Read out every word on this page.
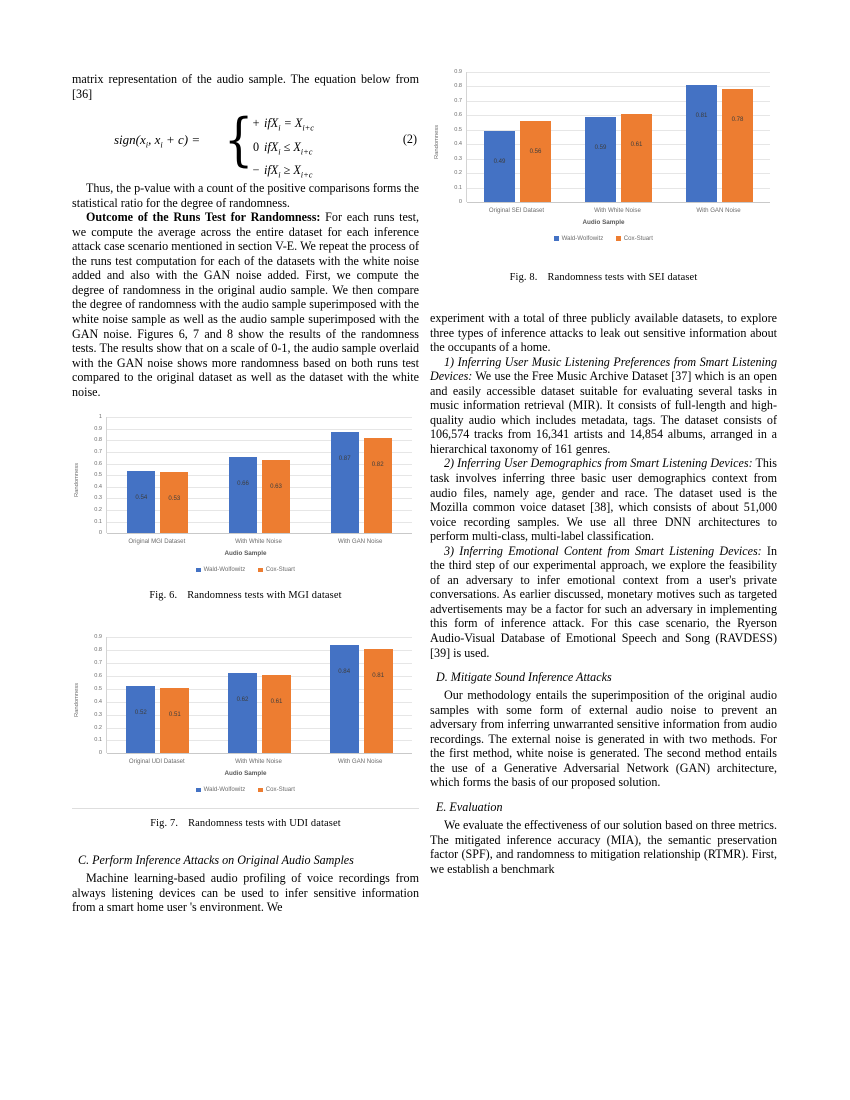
matrix representation of the audio sample. The equation below from [36]

$sign(x_i$, $x_i + c$) = { + $ifX_i = X_{i+c}$
0 $ifX_i \le X_{i+c}$
− $ifX_i \ge X_{i+c}$
(2)

Thus, the p-value with a count of the positive comparisons forms the statistical ratio for the degree of randomness.

Outcome of the Runs Test for Randomness: For each runs test, we compute the average across the entire dataset for each inference attack case scenario mentioned in section V-E. We repeat the process of the runs test computation for each of the datasets with the white noise added and also with the GAN noise added. First, we compute the degree of randomness in the original audio sample. We then compare the degree of randomness with the audio sample superimposed with the white noise sample as well as the audio sample superimposed with the GAN noise. Figures 6, 7 and 8 show the results of the randomness tests. The results show that on a scale of 0-1, the audio sample overlaid with the GAN noise shows more randomness based on both runs test compared to the original dataset as well as the dataset with the white noise.

0.54	0.53
0.66	0.63
0.87
0.82
0
0.1
0.2
0.3
0.4
0.5
0.6
0.7
0.8
0.9
1
Randomness
Original MGI Dataset	With White Noise	With GAN Noise
Audio Sample
Wald-Wolfowitz	Cox-Stuart
Fig. 6. Randomness tests with MGI dataset
0.52	0.51
0.62	0.61
0.84
0.81
0
0.1
0.2
0.3
0.4
0.5
0.6
0.7
0.8
0.9
Randomness
Original UDI Dataset	With White Noise	With GAN Noise
Audio Sample
Wald-Wolfowitz	Cox-Stuart
Fig. 7. Randomness tests with UDI dataset
C. Perform Inference Attacks on Original Audio Samples

Machine learning-based audio profiling of voice recordings from always listening devices can be used to infer sensitive information from a smart home user 's environment. We

0.49
0.56
0.59	0.61
0.81
0.78
0
0.1
0.2
0.3
0.4
0.5
0.6
0.7
0.8
0.9
Randomness
Original SEI Dataset	With White Noise	With GAN Noise
Audio Sample
Wald-Wolfowitz	Cox-Stuart
Fig. 8. Randomness tests with SEI dataset

experiment with a total of three publicly available datasets, to explore three types of inference attacks to leak out sensitive information about the occupants of a home.

1) Inferring User Music Listening Preferences from Smart Listening Devices: We use the Free Music Archive Dataset [37] which is an open and easily accessible dataset suitable for evaluating several tasks in music information retrieval (MIR). It consists of full-length and high-quality audio which includes metadata, tags. The dataset consists of 106,574 tracks from 16,341 artists and 14,854 albums, arranged in a hierarchical taxonomy of 161 genres.

2) Inferring User Demographics from Smart Listening Devices: This task involves inferring three basic user demographics context from audio files, namely age, gender and race. The dataset used is the Mozilla common voice dataset [38], which consists of about 51,000 voice recording samples. We use all three DNN architectures to perform multi-class, multi-label classification.

3) Inferring Emotional Content from Smart Listening Devices: In the third step of our experimental approach, we explore the feasibility of an adversary to infer emotional context from a user's private conversations. As earlier discussed, monetary motives such as targeted advertisements may be a factor for such an adversary in implementing this form of inference attack. For this case scenario, the Ryerson Audio-Visual Database of Emotional Speech and Song (RAVDESS) [39] is used.

D. Mitigate Sound Inference Attacks

Our methodology entails the superimposition of the original audio samples with some form of external audio noise to prevent an adversary from inferring unwarranted sensitive information from audio recordings. The external noise is generated in with two methods. For the first method, white noise is generated. The second method entails the use of a Generative Adversarial Network (GAN) architecture, which forms the basis of our proposed solution.

E. Evaluation

We evaluate the effectiveness of our solution based on three metrics. The mitigated inference accuracy (MIA), the semantic preservation factor (SPF), and randomness to mitigation relationship (RTMR). First, we establish a benchmark
